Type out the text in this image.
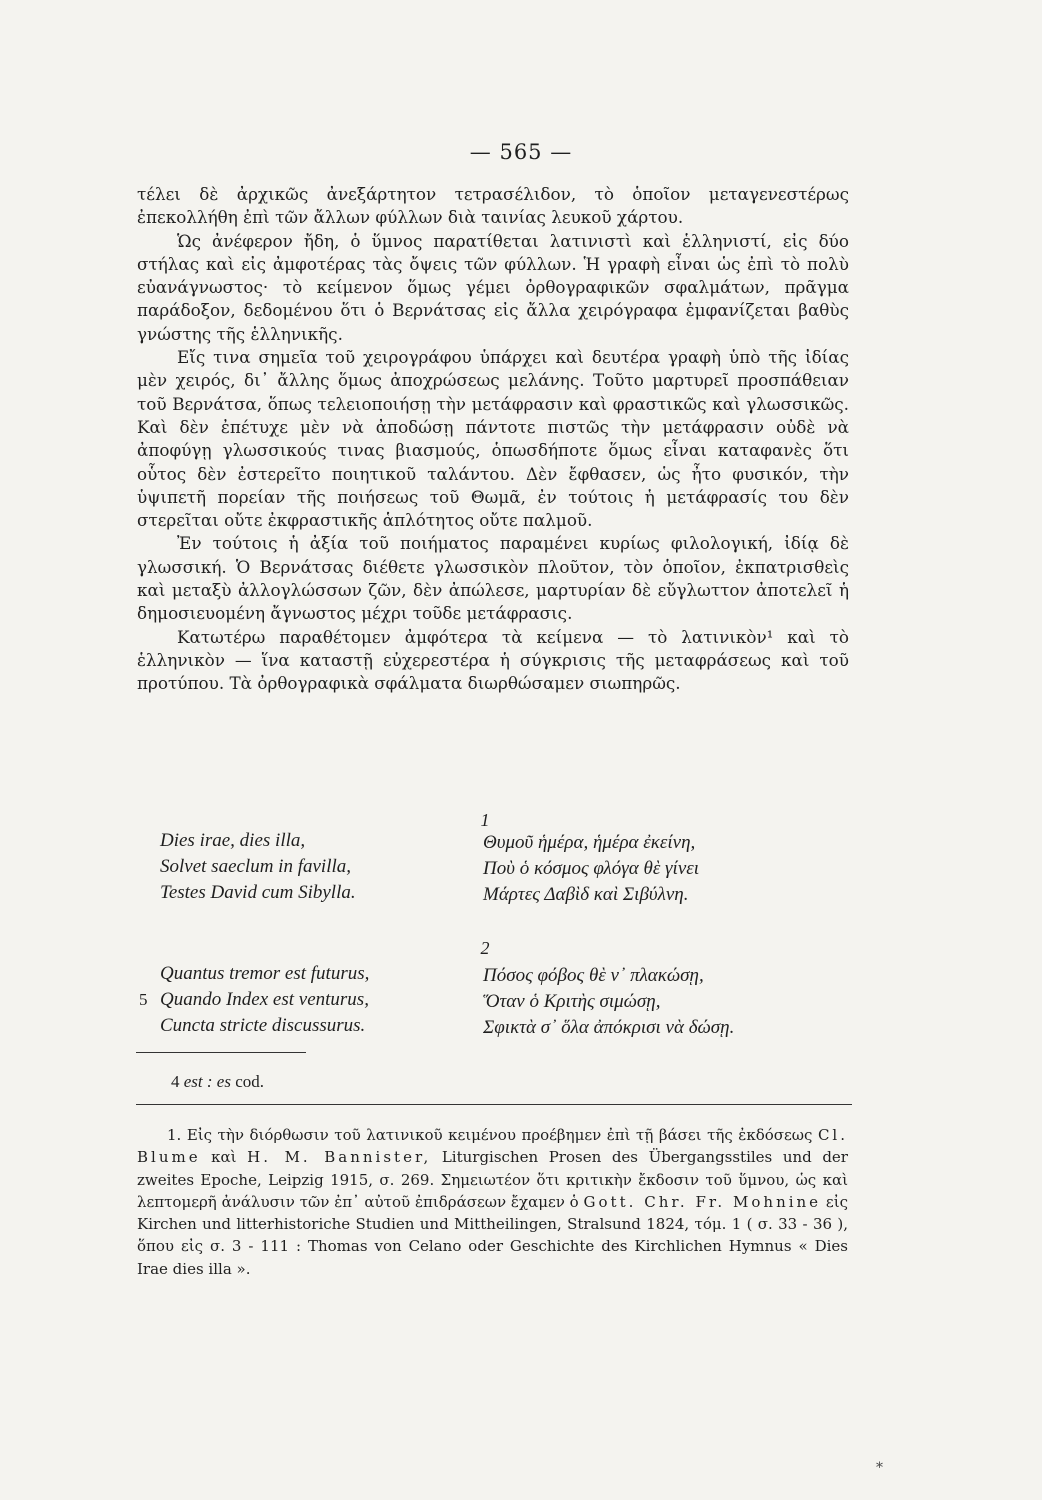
— 565 —

τέλει δὲ ἀρχικῶς ἀνεξάρτητον τετρασέλιδον, τὸ ὁποῖον μεταγενεστέρως ἐπεκολλήθη ἐπὶ τῶν ἄλλων φύλλων διὰ ταινίας λευκοῦ χάρτου.

Ὡς ἀνέφερον ἤδη, ὁ ὕμνος παρατίθεται λατινιστὶ καὶ ἑλληνιστί, εἰς δύο στήλας καὶ εἰς ἀμφοτέρας τὰς ὄψεις τῶν φύλλων. Ἡ γραφὴ εἶναι ὡς ἐπὶ τὸ πολὺ εὐανάγνωστος· τὸ κείμενον ὅμως γέμει ὀρθογραφικῶν σφαλμάτων, πρᾶγμα παράδοξον, δεδομένου ὅτι ὁ Βερνάτσας εἰς ἄλλα χειρόγραφα ἐμφανίζεται βαθὺς γνώστης τῆς ἑλληνικῆς.

Εἴς τινα σημεῖα τοῦ χειρογράφου ὑπάρχει καὶ δευτέρα γραφὴ ὑπὸ τῆς ἰδίας μὲν χειρός, δι᾽ ἄλλης ὅμως ἀποχρώσεως μελάνης. Τοῦτο μαρτυρεῖ προσπάθειαν τοῦ Βερνάτσα, ὅπως τελειοποιήσῃ τὴν μετάφρασιν καὶ φραστικῶς καὶ γλωσσικῶς. Καὶ δὲν ἐπέτυχε μὲν νὰ ἀποδώσῃ πάντοτε πιστῶς τὴν μετάφρασιν οὐδὲ νὰ ἀποφύγῃ γλωσσικούς τινας βιασμούς, ὁπωσδήποτε ὅμως εἶναι καταφανὲς ὅτι οὗτος δὲν ἐστερεῖτο ποιητικοῦ ταλάντου. Δὲν ἔφθασεν, ὡς ἦτο φυσικόν, τὴν ὑψιπετῆ πορείαν τῆς ποιήσεως τοῦ Θωμᾶ, ἐν τούτοις ἡ μετάφρασίς του δὲν στερεῖται οὔτε ἐκφραστικῆς ἁπλότητος οὔτε παλμοῦ.

Ἐν τούτοις ἡ ἀξία τοῦ ποιήματος παραμένει κυρίως φιλολογική, ἰδίᾳ δὲ γλωσσική. Ὁ Βερνάτσας διέθετε γλωσσικὸν πλοῦτον, τὸν ὁποῖον, ἐκπατρισθεὶς καὶ μεταξὺ ἀλλογλώσσων ζῶν, δὲν ἀπώλεσε, μαρτυρίαν δὲ εὔγλωττον ἀποτελεῖ ἡ δημοσιευομένη ἄγνωστος μέχρι τοῦδε μετάφρασις.

Κατωτέρω παραθέτομεν ἀμφότερα τὰ κείμενα — τὸ λατινικὸν¹ καὶ τὸ ἑλληνικὸν — ἵνα καταστῇ εὐχερεστέρα ἡ σύγκρισις τῆς μεταφράσεως καὶ τοῦ προτύπου. Τὰ ὀρθογραφικὰ σφάλματα διωρθώσαμεν σιωπηρῶς.

1
Dies irae, dies illa,
Solvet saeclum in favilla,
Testes David cum Sibylla.
Θυμοῦ ἡμέρα, ἡμέρα ἐκείνη,
Ποὺ ὁ κόσμος φλόγα θὲ γίνει
Μάρτες Δαβὶδ καὶ Σιβύλνη.
2
5
Quantus tremor est futurus,
Quando Index est venturus,
Cuncta stricte discussurus.
Πόσος φόβος θὲ ν᾽ πλακώσῃ,
Ὅταν ὁ Κριτὴς σιμώσῃ,
Σφικτὰ σ᾽ ὅλα ἀπόκρισι νὰ δώσῃ.
4 est : es cod.
1. Εἰς τὴν διόρθωσιν τοῦ λατινικοῦ κειμένου προέβημεν ἐπὶ τῇ βάσει τῆς ἐκδόσεως Cl. Blume καὶ H. M. Bannister, Liturgischen Prosen des Übergangsstiles und der zweites Epoche, Leipzig 1915, σ. 269. Σημειωτέον ὅτι κριτικὴν ἔκδοσιν τοῦ ὕμνου, ὡς καὶ λεπτομερῆ ἀνάλυσιν τῶν ἐπ᾽ αὐτοῦ ἐπιδράσεων ἔχαμεν ὁ Gott. Chr. Fr. Mohnine εἰς Kirchen und litterhistoriche Studien und Mittheilingen, Stralsund 1824, τόμ. 1 ( σ. 33 - 36 ), ὅπου εἰς σ. 3 - 111 : Thomas von Celano oder Geschichte des Kirchlichen Hymnus « Dies Irae dies illa ».
*
